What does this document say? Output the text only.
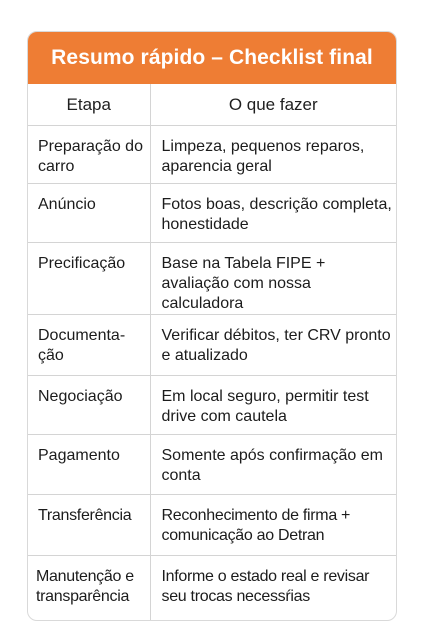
Resumo rápido – Checklist final
Etapa	O que fazer

Preparação do carro	Limpeza, pequenos reparos, aparencia geral

Anúncio	Fotos boas, descrição completa, honestidade

Precificação	Base na Tabela FIPE + avaliação com nossa calculadora

Documenta-ção	Verificar débitos, ter CRV pronto e atualizado

Negociação	Em local seguro, permitir test drive com cautela

Pagamento	Somente após confirmação em conta

Transferência	Reconhecimento de firma + comunicação ao Detran

Manutenção e transparência	Informe o estado real e revisar seu trocas necessŕias
